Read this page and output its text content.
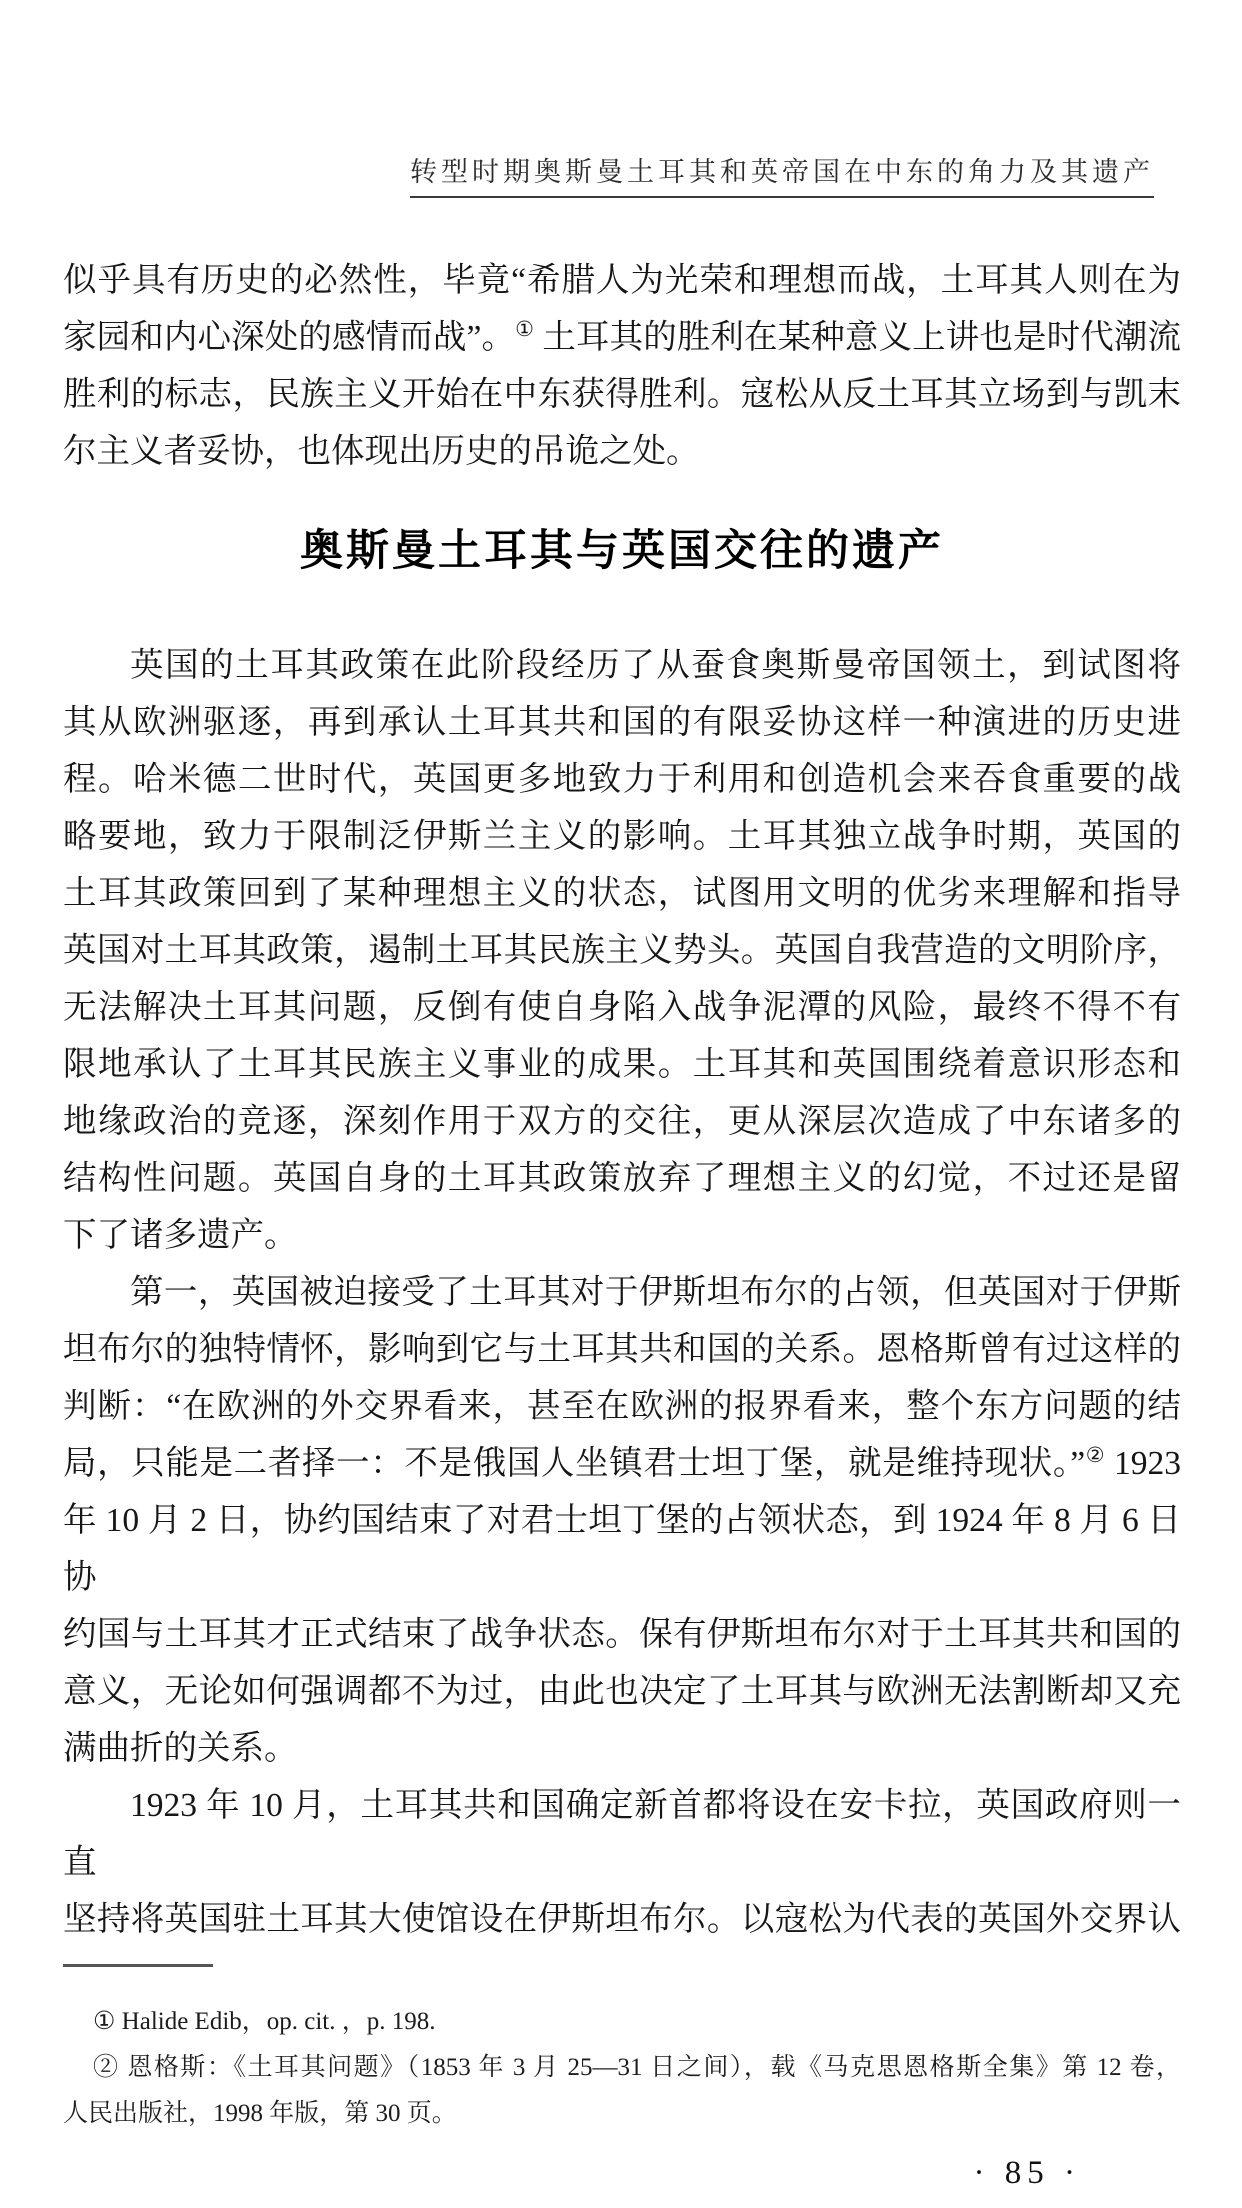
转型时期奥斯曼土耳其和英帝国在中东的角力及其遗产
似乎具有历史的必然性，毕竟“希腊人为光荣和理想而战，土耳其人则在为
家园和内心深处的感情而战”。① 土耳其的胜利在某种意义上讲也是时代潮流
胜利的标志，民族主义开始在中东获得胜利。寇松从反土耳其立场到与凯末
尔主义者妥协，也体现出历史的吊诡之处。
奥斯曼土耳其与英国交往的遗产
英国的土耳其政策在此阶段经历了从蚕食奥斯曼帝国领土，到试图将
其从欧洲驱逐，再到承认土耳其共和国的有限妥协这样一种演进的历史进
程。哈米德二世时代，英国更多地致力于利用和创造机会来吞食重要的战
略要地，致力于限制泛伊斯兰主义的影响。土耳其独立战争时期，英国的
土耳其政策回到了某种理想主义的状态，试图用文明的优劣来理解和指导
英国对土耳其政策，遏制土耳其民族主义势头。英国自我营造的文明阶序，
无法解决土耳其问题，反倒有使自身陷入战争泥潭的风险，最终不得不有
限地承认了土耳其民族主义事业的成果。土耳其和英国围绕着意识形态和
地缘政治的竞逐，深刻作用于双方的交往，更从深层次造成了中东诸多的
结构性问题。英国自身的土耳其政策放弃了理想主义的幻觉，不过还是留
下了诸多遗产。
第一，英国被迫接受了土耳其对于伊斯坦布尔的占领，但英国对于伊斯
坦布尔的独特情怀，影响到它与土耳其共和国的关系。恩格斯曾有过这样的
判断：“在欧洲的外交界看来，甚至在欧洲的报界看来，整个东方问题的结
局，只能是二者择一：不是俄国人坐镇君士坦丁堡，就是维持现状。”② 1923
年 10 月 2 日，协约国结束了对君士坦丁堡的占领状态，到 1924 年 8 月 6 日协
约国与土耳其才正式结束了战争状态。保有伊斯坦布尔对于土耳其共和国的
意义，无论如何强调都不为过，由此也决定了土耳其与欧洲无法割断却又充
满曲折的关系。
1923 年 10 月，土耳其共和国确定新首都将设在安卡拉，英国政府则一直
坚持将英国驻土耳其大使馆设在伊斯坦布尔。以寇松为代表的英国外交界认
① Halide Edib，op. cit. ，p. 198.
② 恩格斯：《土耳其问题》（1853 年 3 月 25—31 日之间），载《马克思恩格斯全集》第 12 卷，
人民出版社，1998 年版，第 30 页。
· 85 ·
